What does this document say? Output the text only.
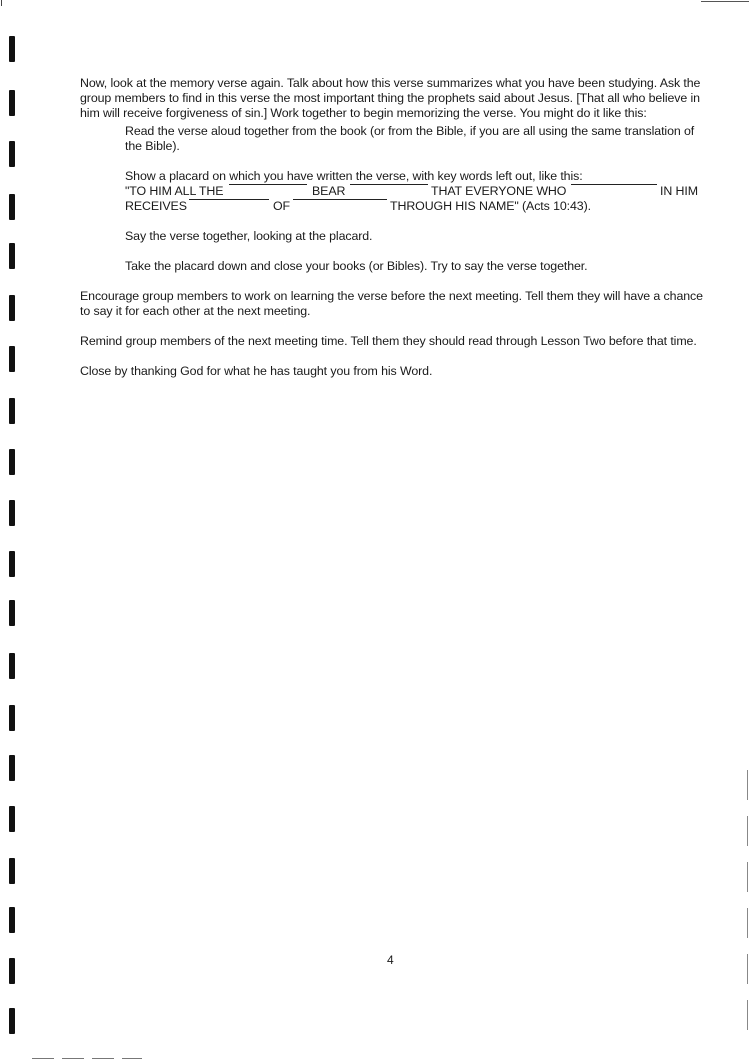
Now, look at the memory verse again. Talk about how this verse summarizes what you have been studying. Ask the group members to find in this verse the most important thing the prophets said about Jesus. [That all who believe in him will receive forgiveness of sin.] Work together to begin memorizing the verse. You might do it like this:

Read the verse aloud together from the book (or from the Bible, if you are all using the same translation of the Bible).

Show a placard on which you have written the verse, with key words left out, like this:

"TO HIM ALL THE	BEAR	THAT EVERYONE WHO	IN HIM
RECEIVES	OF	THROUGH HIS NAME" (Acts 10:43).

Say the verse together, looking at the placard.

Take the placard down and close your books (or Bibles). Try to say the verse together.

Encourage group members to work on learning the verse before the next meeting. Tell them they will have a chance to say it for each other at the next meeting.

Remind group members of the next meeting time. Tell them they should read through Lesson Two before that time.

Close by thanking God for what he has taught you from his Word.

4
